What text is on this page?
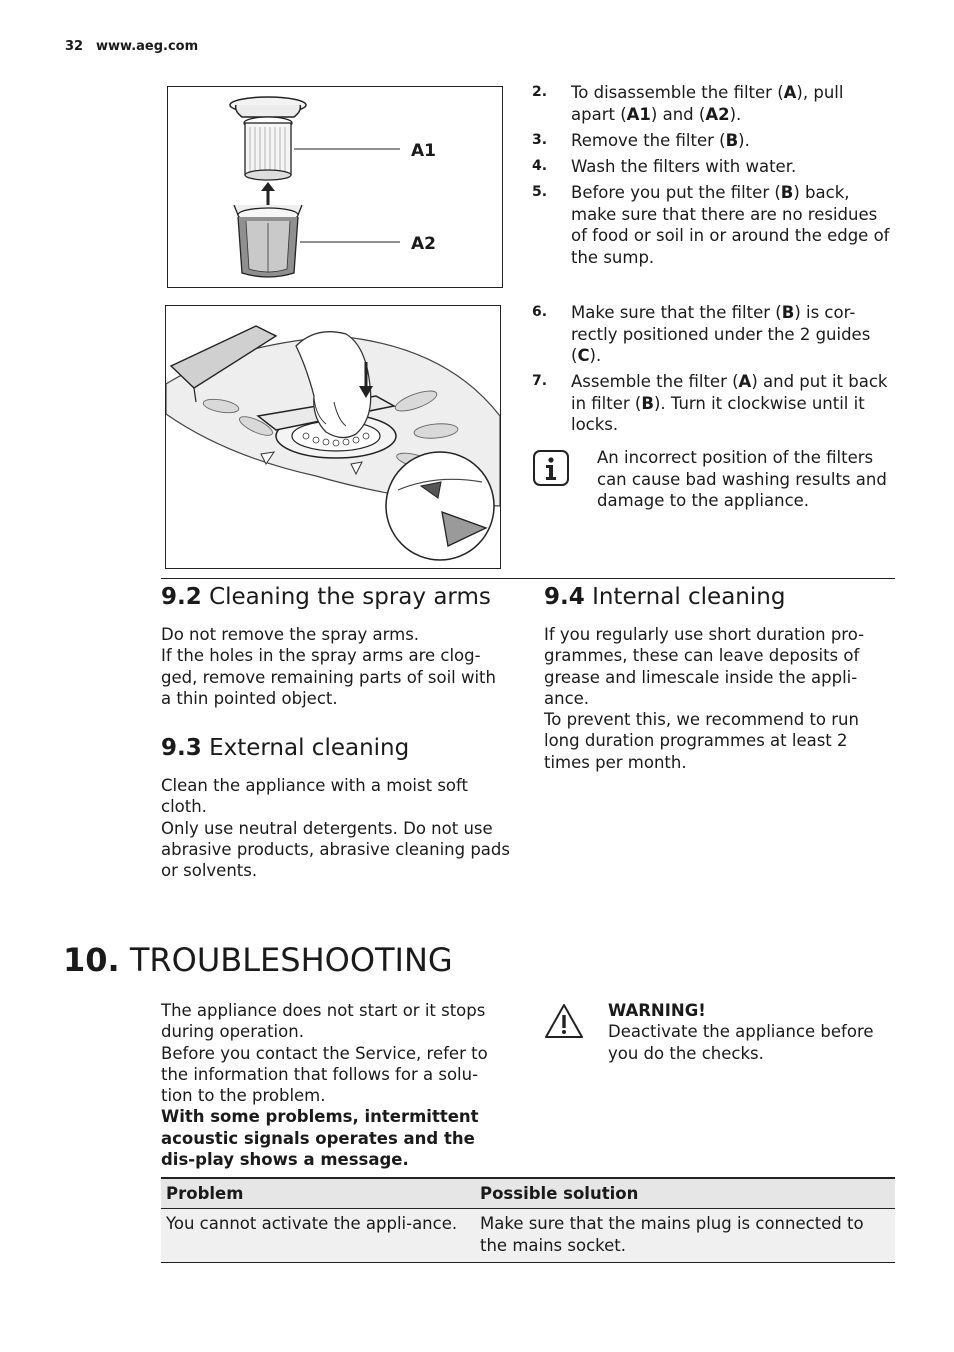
32 www.aeg.com
A1
A2
2. To disassemble the filter (A), pull apart (A1) and (A2).
3. Remove the filter (B).
4. Wash the filters with water.
5. Before you put the filter (B) back, make sure that there are no residues of food or soil in or around the edge of the sump.
6. Make sure that the filter (B) is cor-rectly positioned under the 2 guides (C).
7. Assemble the filter (A) and put it back in filter (B). Turn it clockwise until it locks.
An incorrect position of the filters can cause bad washing results and damage to the appliance.
9.2 Cleaning the spray arms
Do not remove the spray arms.
If the holes in the spray arms are clog-ged, remove remaining parts of soil with a thin pointed object.
9.3 External cleaning
Clean the appliance with a moist soft cloth.
Only use neutral detergents. Do not use abrasive products, abrasive cleaning pads or solvents.
9.4 Internal cleaning
If you regularly use short duration pro-grammes, these can leave deposits of grease and limescale inside the appli-ance.
To prevent this, we recommend to run long duration programmes at least 2 times per month.
10. TROUBLESHOOTING
The appliance does not start or it stops during operation.
Before you contact the Service, refer to the information that follows for a solu-tion to the problem.
With some problems, intermittent acoustic signals operates and the dis-play shows a message.
WARNING!
Deactivate the appliance before you do the checks.
Problem	Possible solution
You cannot activate the appli-ance.	Make sure that the mains plug is connected to the mains socket.
